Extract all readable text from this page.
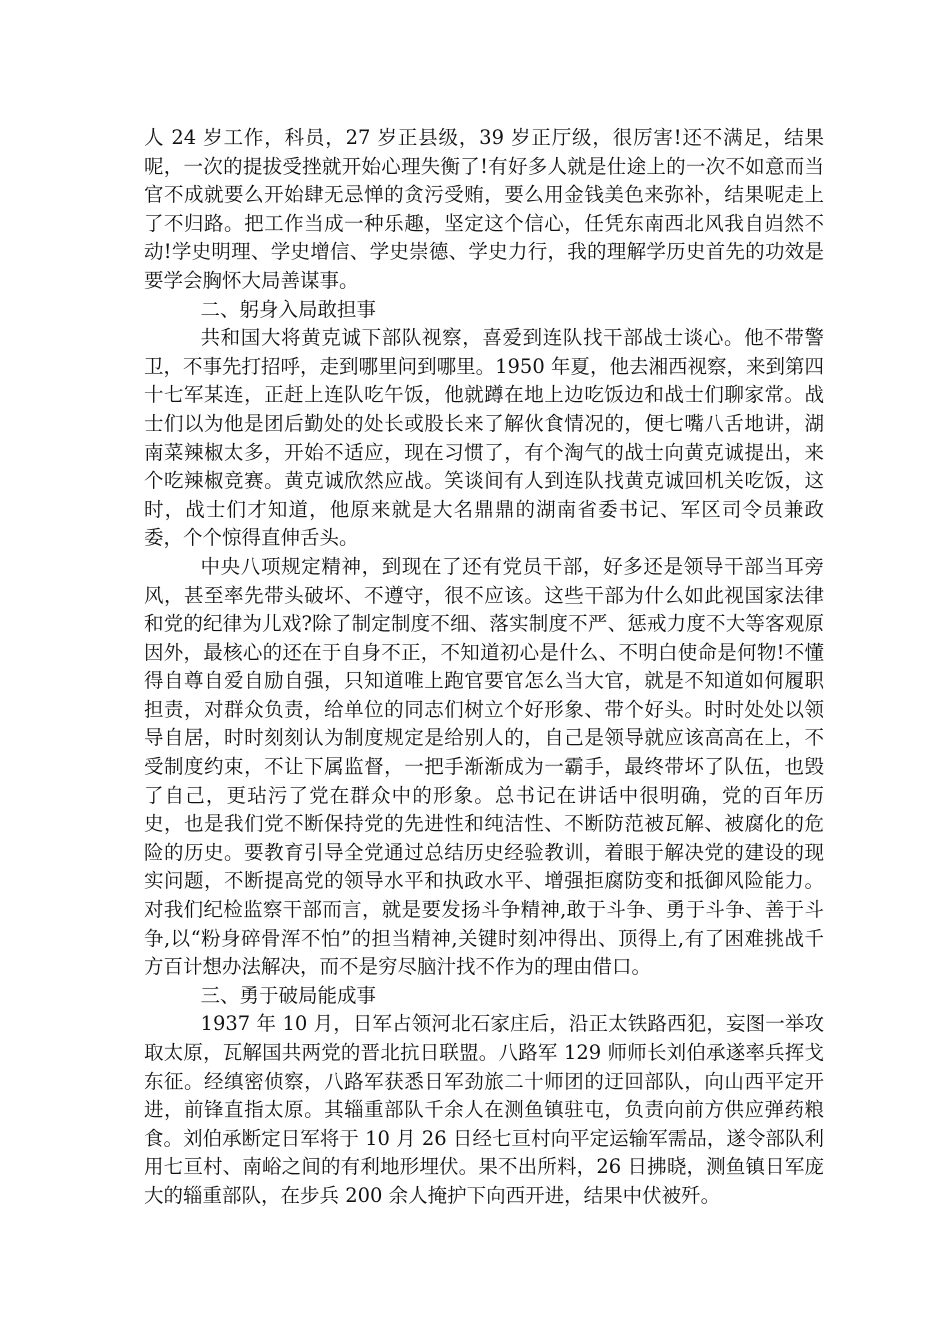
人 24 岁工作，科员，27 岁正县级，39 岁正厅级，很厉害!还不满足，结果呢，一次的提拔受挫就开始心理失衡了!有好多人就是仕途上的一次不如意而当官不成就要么开始肆无忌惮的贪污受贿，要么用金钱美色来弥补，结果呢走上了不归路。把工作当成一种乐趣，坚定这个信心，任凭东南西北风我自岿然不动!学史明理、学史增信、学史崇德、学史力行，我的理解学历史首先的功效是要学会胸怀大局善谋事。

二、躬身入局敢担事

共和国大将黄克诚下部队视察，喜爱到连队找干部战士谈心。他不带警卫，不事先打招呼，走到哪里问到哪里。1950 年夏，他去湘西视察，来到第四十七军某连，正赶上连队吃午饭，他就蹲在地上边吃饭边和战士们聊家常。战士们以为他是团后勤处的处长或股长来了解伙食情况的，便七嘴八舌地讲，湖南菜辣椒太多，开始不适应，现在习惯了，有个淘气的战士向黄克诚提出，来个吃辣椒竞赛。黄克诚欣然应战。笑谈间有人到连队找黄克诚回机关吃饭，这时，战士们才知道，他原来就是大名鼎鼎的湖南省委书记、军区司令员兼政委，个个惊得直伸舌头。

中央八项规定精神，到现在了还有党员干部，好多还是领导干部当耳旁风，甚至率先带头破坏、不遵守，很不应该。这些干部为什么如此视国家法律和党的纪律为儿戏?除了制定制度不细、落实制度不严、惩戒力度不大等客观原因外，最核心的还在于自身不正，不知道初心是什么、不明白使命是何物!不懂得自尊自爱自励自强，只知道唯上跑官要官怎么当大官，就是不知道如何履职担责，对群众负责，给单位的同志们树立个好形象、带个好头。时时处处以领导自居，时时刻刻认为制度规定是给别人的，自己是领导就应该高高在上，不受制度约束，不让下属监督，一把手渐渐成为一霸手，最终带坏了队伍，也毁了自己，更玷污了党在群众中的形象。总书记在讲话中很明确，党的百年历史，也是我们党不断保持党的先进性和纯洁性、不断防范被瓦解、被腐化的危险的历史。要教育引导全党通过总结历史经验教训，着眼于解决党的建设的现实问题，不断提高党的领导水平和执政水平、增强拒腐防变和抵御风险能力。对我们纪检监察干部而言，就是要发扬斗争精神,敢于斗争、勇于斗争、善于斗争,以“粉身碎骨浑不怕”的担当精神,关键时刻冲得出、顶得上,有了困难挑战千方百计想办法解决，而不是穷尽脑汁找不作为的理由借口。

三、勇于破局能成事

1937 年 10 月，日军占领河北石家庄后，沿正太铁路西犯，妄图一举攻取太原，瓦解国共两党的晋北抗日联盟。八路军 129 师师长刘伯承遂率兵挥戈东征。经缜密侦察，八路军获悉日军劲旅二十师团的迂回部队，向山西平定开进，前锋直指太原。其辎重部队千余人在测鱼镇驻屯，负责向前方供应弹药粮食。刘伯承断定日军将于 10 月 26 日经七亘村向平定运输军需品，遂令部队利用七亘村、南峪之间的有利地形埋伏。果不出所料，26 日拂晓，测鱼镇日军庞大的辎重部队，在步兵 200 余人掩护下向西开进，结果中伏被歼。
